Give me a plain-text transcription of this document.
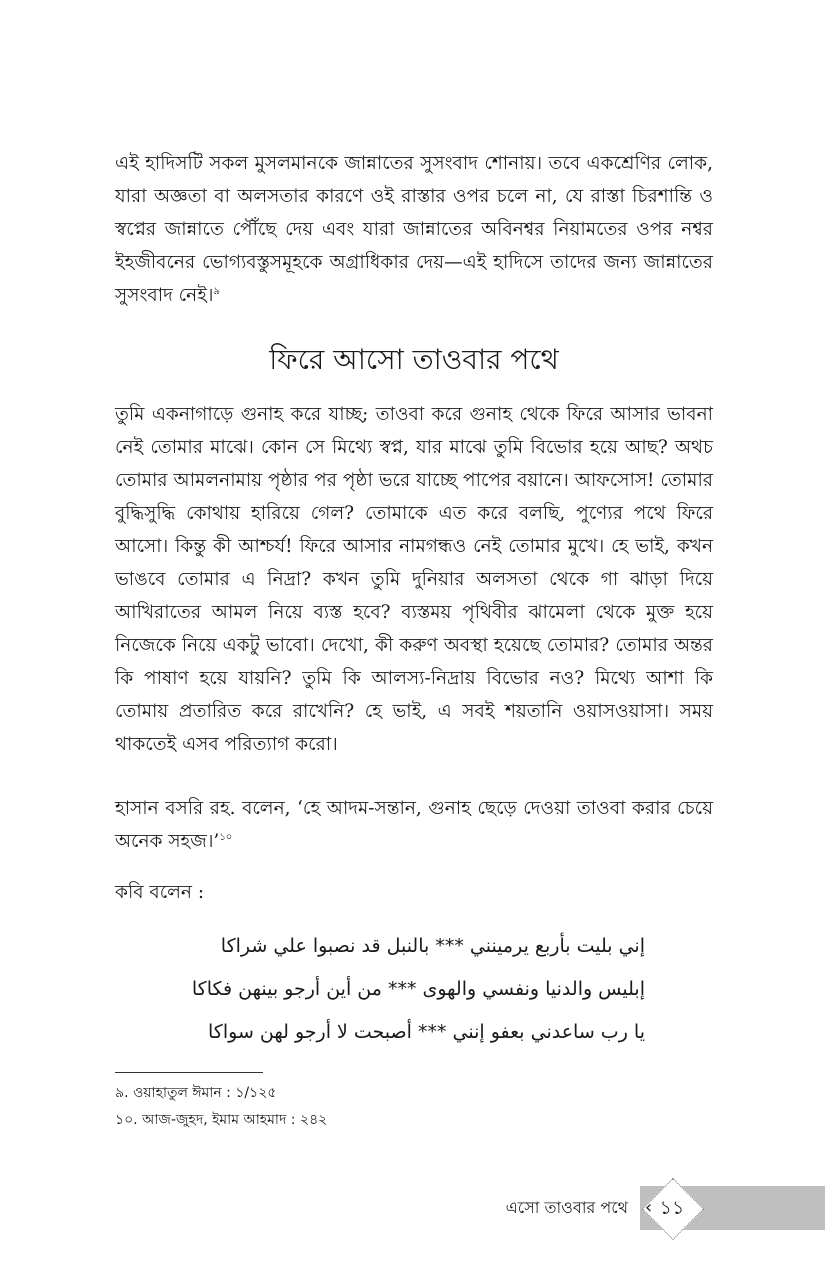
এই হাদিসটি সকল মুসলমানকে জান্নাতের সুসংবাদ শোনায়। তবে একশ্রেণির লোক, যারা অজ্ঞতা বা অলসতার কারণে ওই রাস্তার ওপর চলে না, যে রাস্তা চিরশান্তি ও স্বপ্নের জান্নাতে পৌঁছে দেয় এবং যারা জান্নাতের অবিনশ্বর নিয়ামতের ওপর নশ্বর ইহজীবনের ভোগ্যবস্তুসমূহকে অগ্রাধিকার দেয়—এই হাদিসে তাদের জন্য জান্নাতের সুসংবাদ নেই।$^৯$

ফিরে আসো তাওবার পথে

তুমি একনাগাড়ে গুনাহ করে যাচ্ছ; তাওবা করে গুনাহ থেকে ফিরে আসার ভাবনা নেই তোমার মাঝে। কোন সে মিথ্যে স্বপ্ন, যার মাঝে তুমি বিভোর হয়ে আছ? অথচ তোমার আমলনামায় পৃষ্ঠার পর পৃষ্ঠা ভরে যাচ্ছে পাপের বয়ানে। আফসোস! তোমার বুদ্ধিসুদ্ধি কোথায় হারিয়ে গেল? তোমাকে এত করে বলছি, পুণ্যের পথে ফিরে আসো। কিন্তু কী আশ্চর্য! ফিরে আসার নামগন্ধও নেই তোমার মুখে। হে ভাই, কখন ভাঙবে তোমার এ নিদ্রা? কখন তুমি দুনিয়ার অলসতা থেকে গা ঝাড়া দিয়ে আখিরাতের আমল নিয়ে ব্যস্ত হবে? ব্যস্তময় পৃথিবীর ঝামেলা থেকে মুক্ত হয়ে নিজেকে নিয়ে একটু ভাবো। দেখো, কী করুণ অবস্থা হয়েছে তোমার? তোমার অন্তর কি পাষাণ হয়ে যায়নি? তুমি কি আলস্য-নিদ্রায় বিভোর নও? মিথ্যে আশা কি তোমায় প্রতারিত করে রাখেনি? হে ভাই, এ সবই শয়তানি ওয়াসওয়াসা। সময় থাকতেই এসব পরিত্যাগ করো।

হাসান বসরি রহ. বলেন, ‘হে আদম-সন্তান, গুনাহ ছেড়ে দেওয়া তাওবা করার চেয়ে অনেক সহজ।’$^{১০}$

কবি বলেন :

إني بليت بأربع يرمينني *** بالنبل قد نصبوا علي شراكا
إبليس والدنيا ونفسي والهوى *** من أين أرجو بينهن فكاكا
يا رب ساعدني بعفو إنني *** أصبحت لا أرجو لهن سواكا
৯. ওয়াহাতুল ঈমান : ১/১২৫
১০. আজ-জুহদ, ইমাম আহমাদ : ২৪২
‹ ১১
এসো তাওবার পথে
